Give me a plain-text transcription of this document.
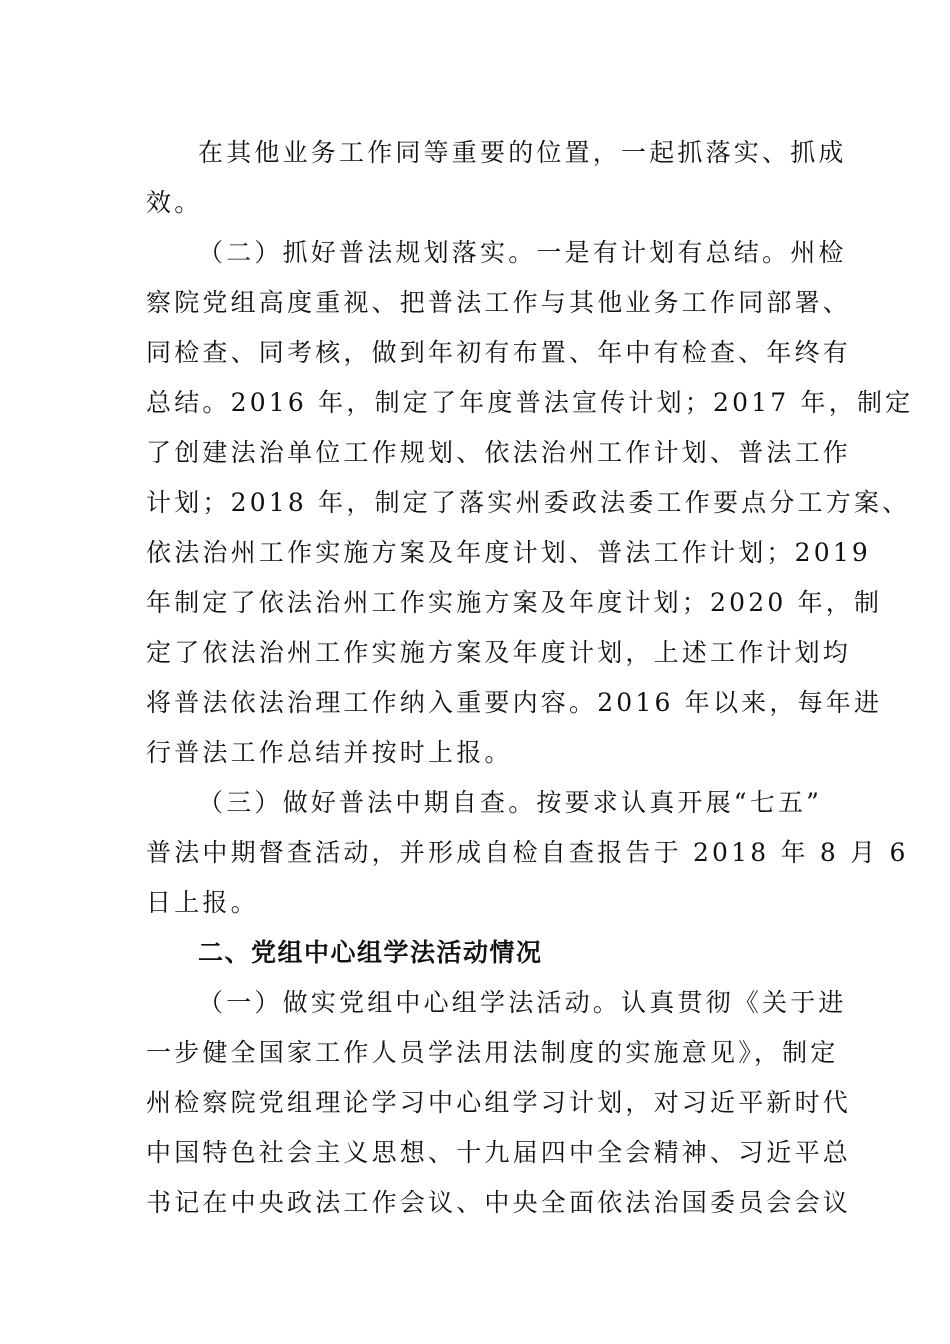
在其他业务工作同等重要的位置，一起抓落实、抓成
效。
（二）抓好普法规划落实。一是有计划有总结。州检
察院党组高度重视、把普法工作与其他业务工作同部署、
同检查、同考核，做到年初有布置、年中有检查、年终有
总结。2016 年，制定了年度普法宣传计划；2017 年，制定
了创建法治单位工作规划、依法治州工作计划、普法工作
计划；2018 年，制定了落实州委政法委工作要点分工方案、
依法治州工作实施方案及年度计划、普法工作计划；2019
年制定了依法治州工作实施方案及年度计划；2020 年，制
定了依法治州工作实施方案及年度计划，上述工作计划均
将普法依法治理工作纳入重要内容。2016 年以来，每年进
行普法工作总结并按时上报。
（三）做好普法中期自查。按要求认真开展“七五”
普法中期督查活动，并形成自检自查报告于 2018 年 8 月 6
日上报。
二、党组中心组学法活动情况
（一）做实党组中心组学法活动。认真贯彻《关于进
一步健全国家工作人员学法用法制度的实施意见》，制定
州检察院党组理论学习中心组学习计划，对习近平新时代
中国特色社会主义思想、十九届四中全会精神、习近平总
书记在中央政法工作会议、中央全面依法治国委员会会议
